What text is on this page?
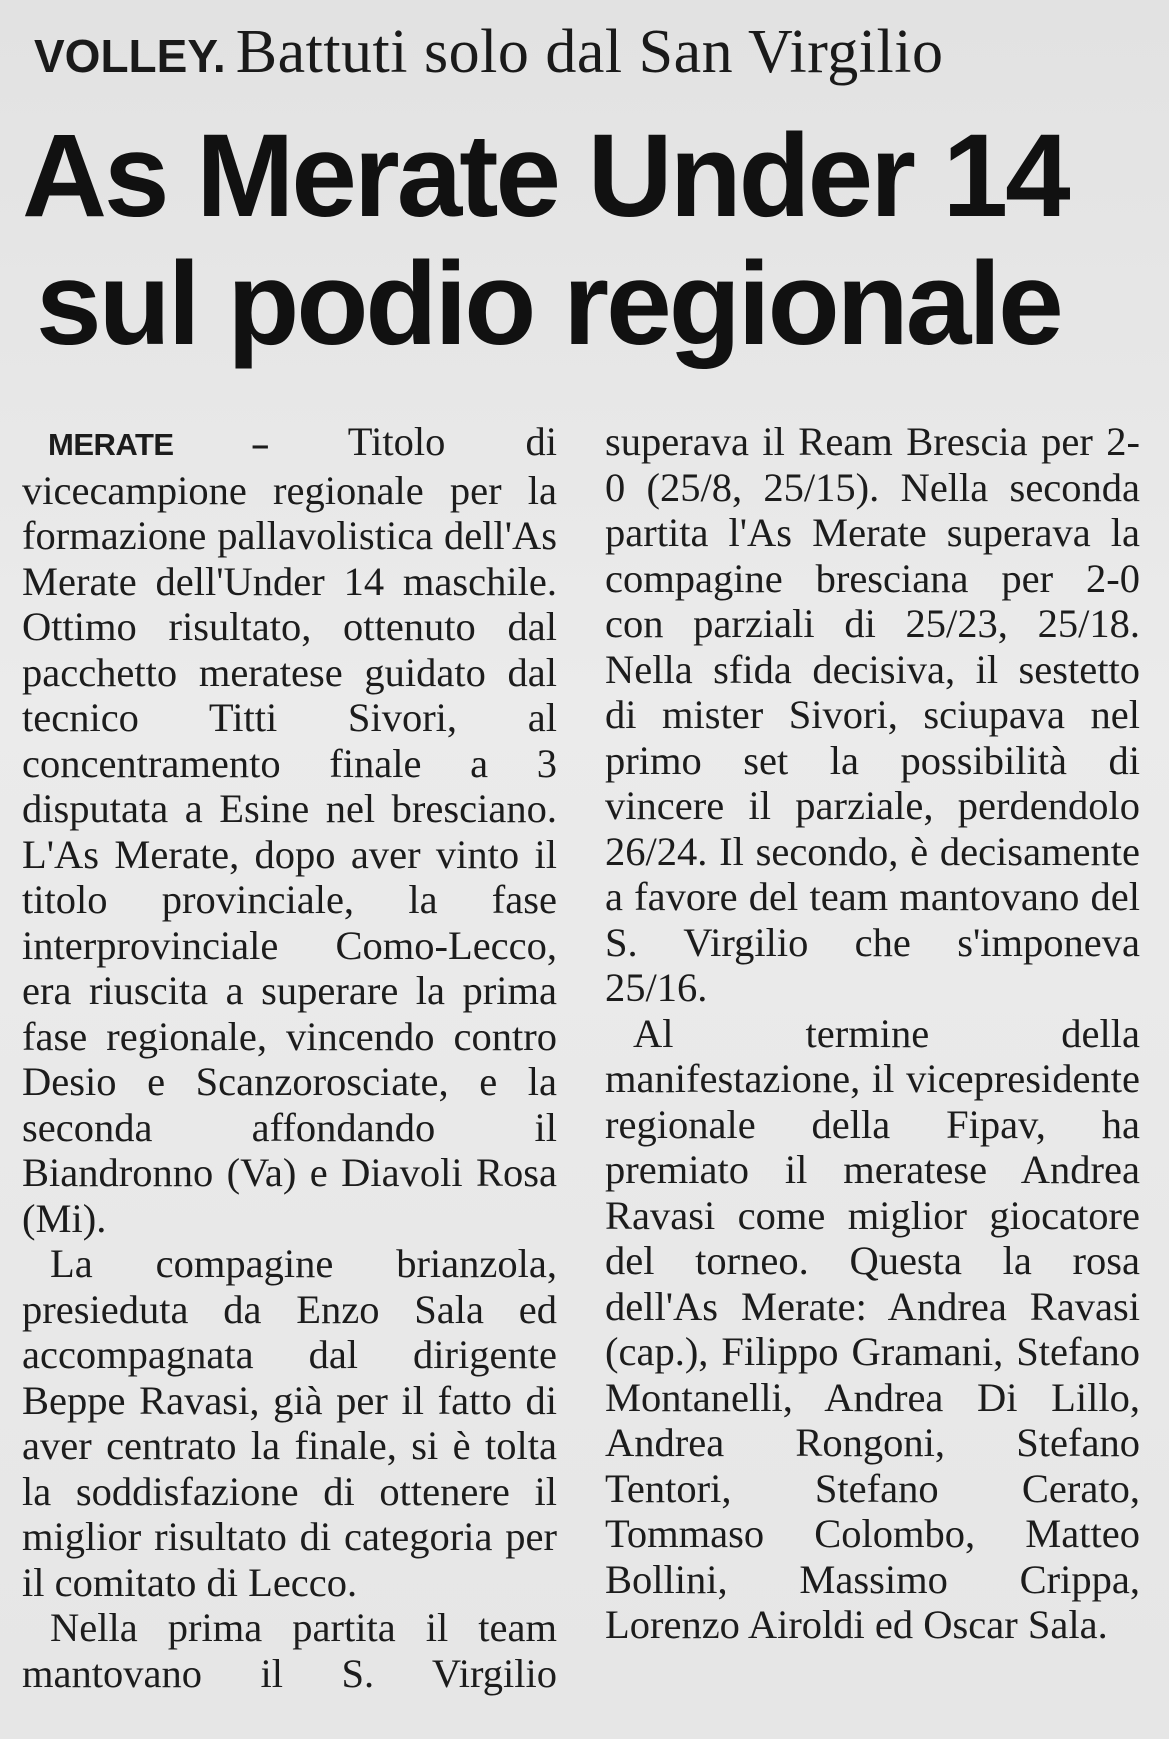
VOLLEY. Battuti solo dal San Virgilio
As Merate Under 14
sul podio regionale

MERATE – Titolo di vicecampione regionale per la formazione pallavolistica dell'As Merate dell'Under 14 maschile. Ottimo risultato, ottenuto dal pacchetto meratese guidato dal tecnico Titti Sivori, al concentramento finale a 3 disputata a Esine nel bresciano. L'As Merate, dopo aver vinto il titolo provinciale, la fase interprovinciale Como-Lecco, era riuscita a superare la prima fase regionale, vincendo contro Desio e Scanzorosciate, e la seconda affondando il Biandronno (Va) e Diavoli Rosa (Mi).

La compagine brianzola, presieduta da Enzo Sala ed accompagnata dal dirigente Beppe Ravasi, già per il fatto di aver centrato la finale, si è tolta la soddisfazione di ottenere il miglior risultato di categoria per il comitato di Lecco.

Nella prima partita il team mantovano il S. Virgilio superava il Ream Brescia per 2-0 (25/8, 25/15). Nella seconda partita l'As Merate superava la compagine bresciana per 2-0 con parziali di 25/23, 25/18. Nella sfida decisiva, il sestetto di mister Sivori, sciupava nel primo set la possibilità di vincere il parziale, perdendolo 26/24. Il secondo, è decisamente a favore del team mantovano del S. Virgilio che s'imponeva 25/16.

Al termine della manifestazione, il vicepresidente regionale della Fipav, ha premiato il meratese Andrea Ravasi come miglior giocatore del torneo. Questa la rosa dell'As Merate: Andrea Ravasi (cap.), Filippo Gramani, Stefano Montanelli, Andrea Di Lillo, Andrea Rongoni, Stefano Tentori, Stefano Cerato, Tommaso Colombo, Matteo Bollini, Massimo Crippa, Lorenzo Airoldi ed Oscar Sala.
